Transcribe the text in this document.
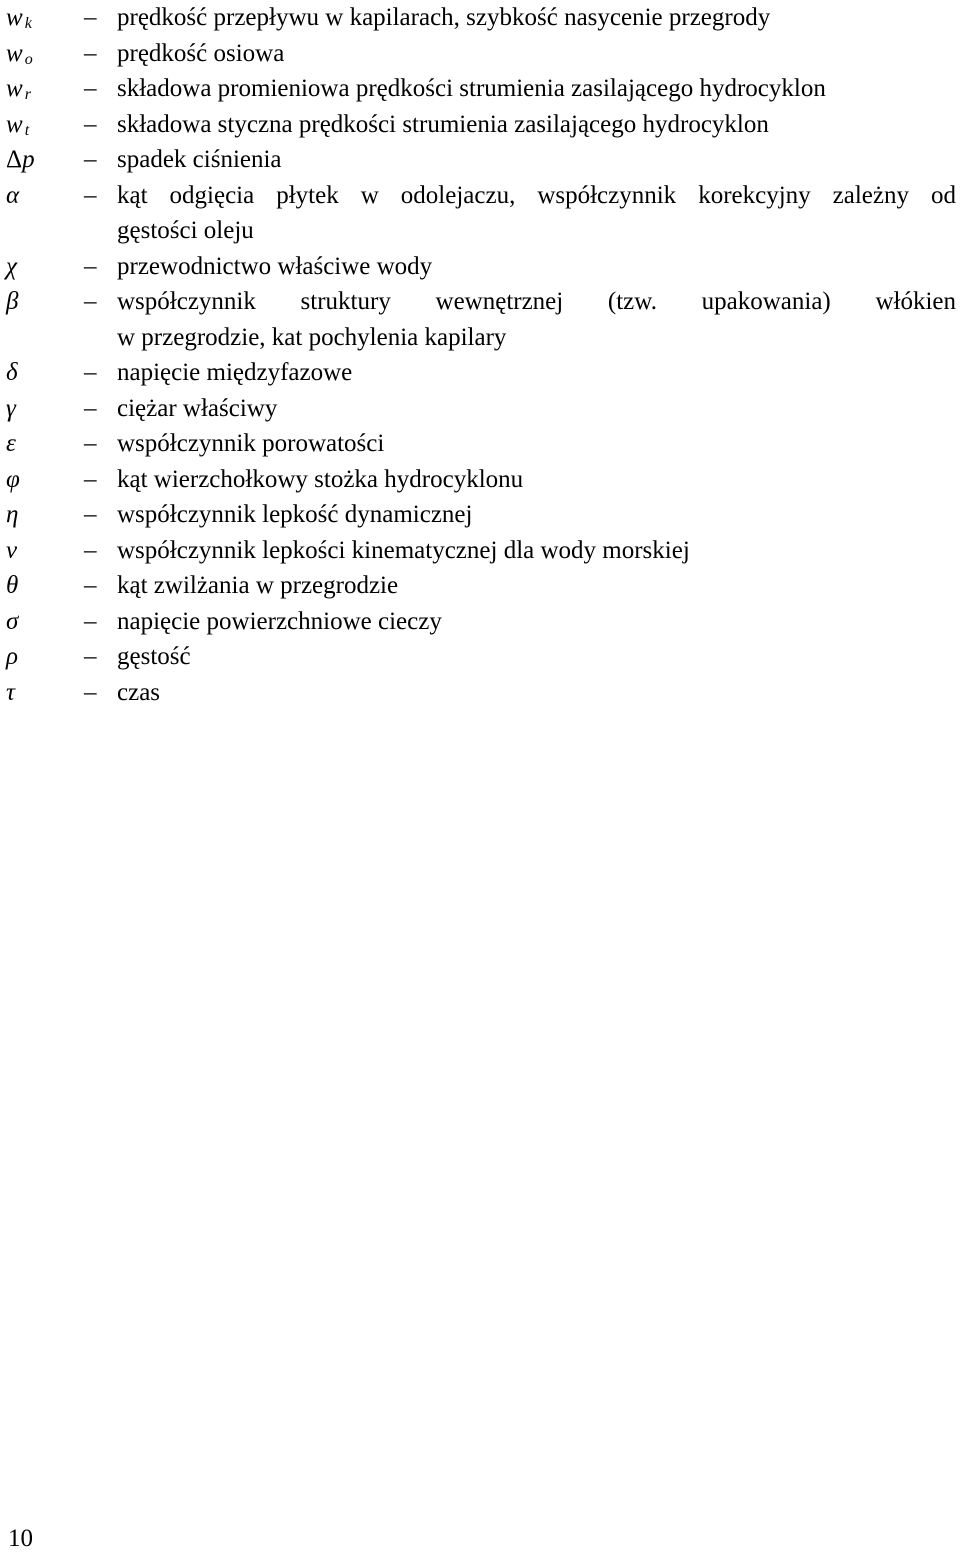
w $_k$	– prędkość przepływu w kapilarach, szybkość nasycenie przegrody
w $_o$	– prędkość osiowa
w $_r$	– składowa promieniowa prędkości strumienia zasilającego hydrocyklon
w $_t$	– składowa styczna prędkości strumienia zasilającego hydrocyklon
Δp	– spadek ciśnienia
α	– kąt odgięcia płytek w odolejaczu, współczynnik korekcyjny zależny od
gęstości oleju
χ	– przewodnictwo właściwe wody
β	– współczynnik struktury wewnętrznej (tzw. upakowania) włókien
w przegrodzie, kat pochylenia kapilary
δ	– napięcie międzyfazowe
γ	– ciężar właściwy
ε	– współczynnik porowatości
φ	– kąt wierzchołkowy stożka hydrocyklonu
η	– współczynnik lepkość dynamicznej
ν	– współczynnik lepkości kinematycznej dla wody morskiej
θ	– kąt zwilżania w przegrodzie
σ	– napięcie powierzchniowe cieczy
ρ	– gęstość
τ	– czas
10
